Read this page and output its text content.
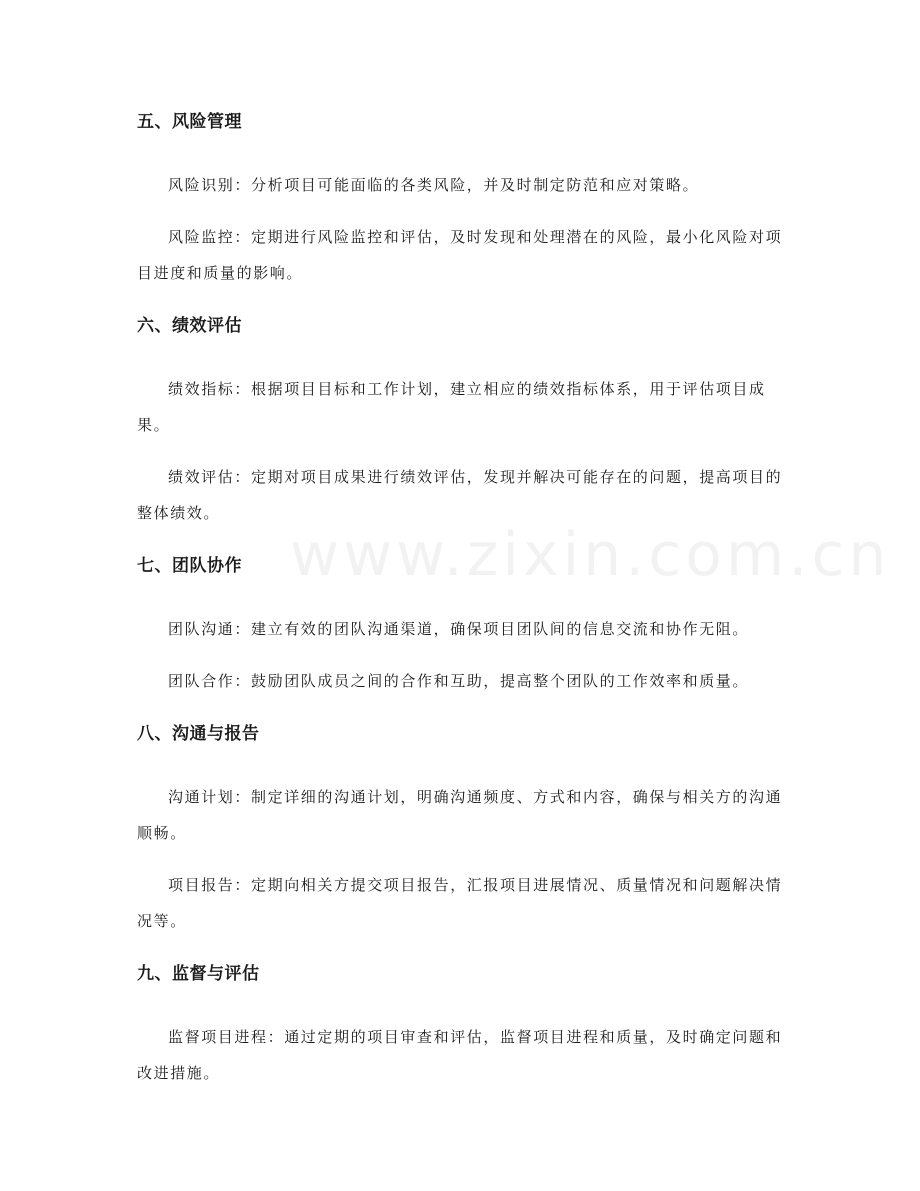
www.zixin.com.cn
五、风险管理

风险识别：分析项目可能面临的各类风险，并及时制定防范和应对策略。

风险监控：定期进行风险监控和评估，及时发现和处理潜在的风险，最小化风险对项目进度和质量的影响。

六、绩效评估

绩效指标：根据项目目标和工作计划，建立相应的绩效指标体系，用于评估项目成果。

绩效评估：定期对项目成果进行绩效评估，发现并解决可能存在的问题，提高项目的整体绩效。

七、团队协作

团队沟通：建立有效的团队沟通渠道，确保项目团队间的信息交流和协作无阻。

团队合作：鼓励团队成员之间的合作和互助，提高整个团队的工作效率和质量。

八、沟通与报告

沟通计划：制定详细的沟通计划，明确沟通频度、方式和内容，确保与相关方的沟通顺畅。

项目报告：定期向相关方提交项目报告，汇报项目进展情况、质量情况和问题解决情况等。

九、监督与评估

监督项目进程：通过定期的项目审查和评估，监督项目进程和质量，及时确定问题和改进措施。
